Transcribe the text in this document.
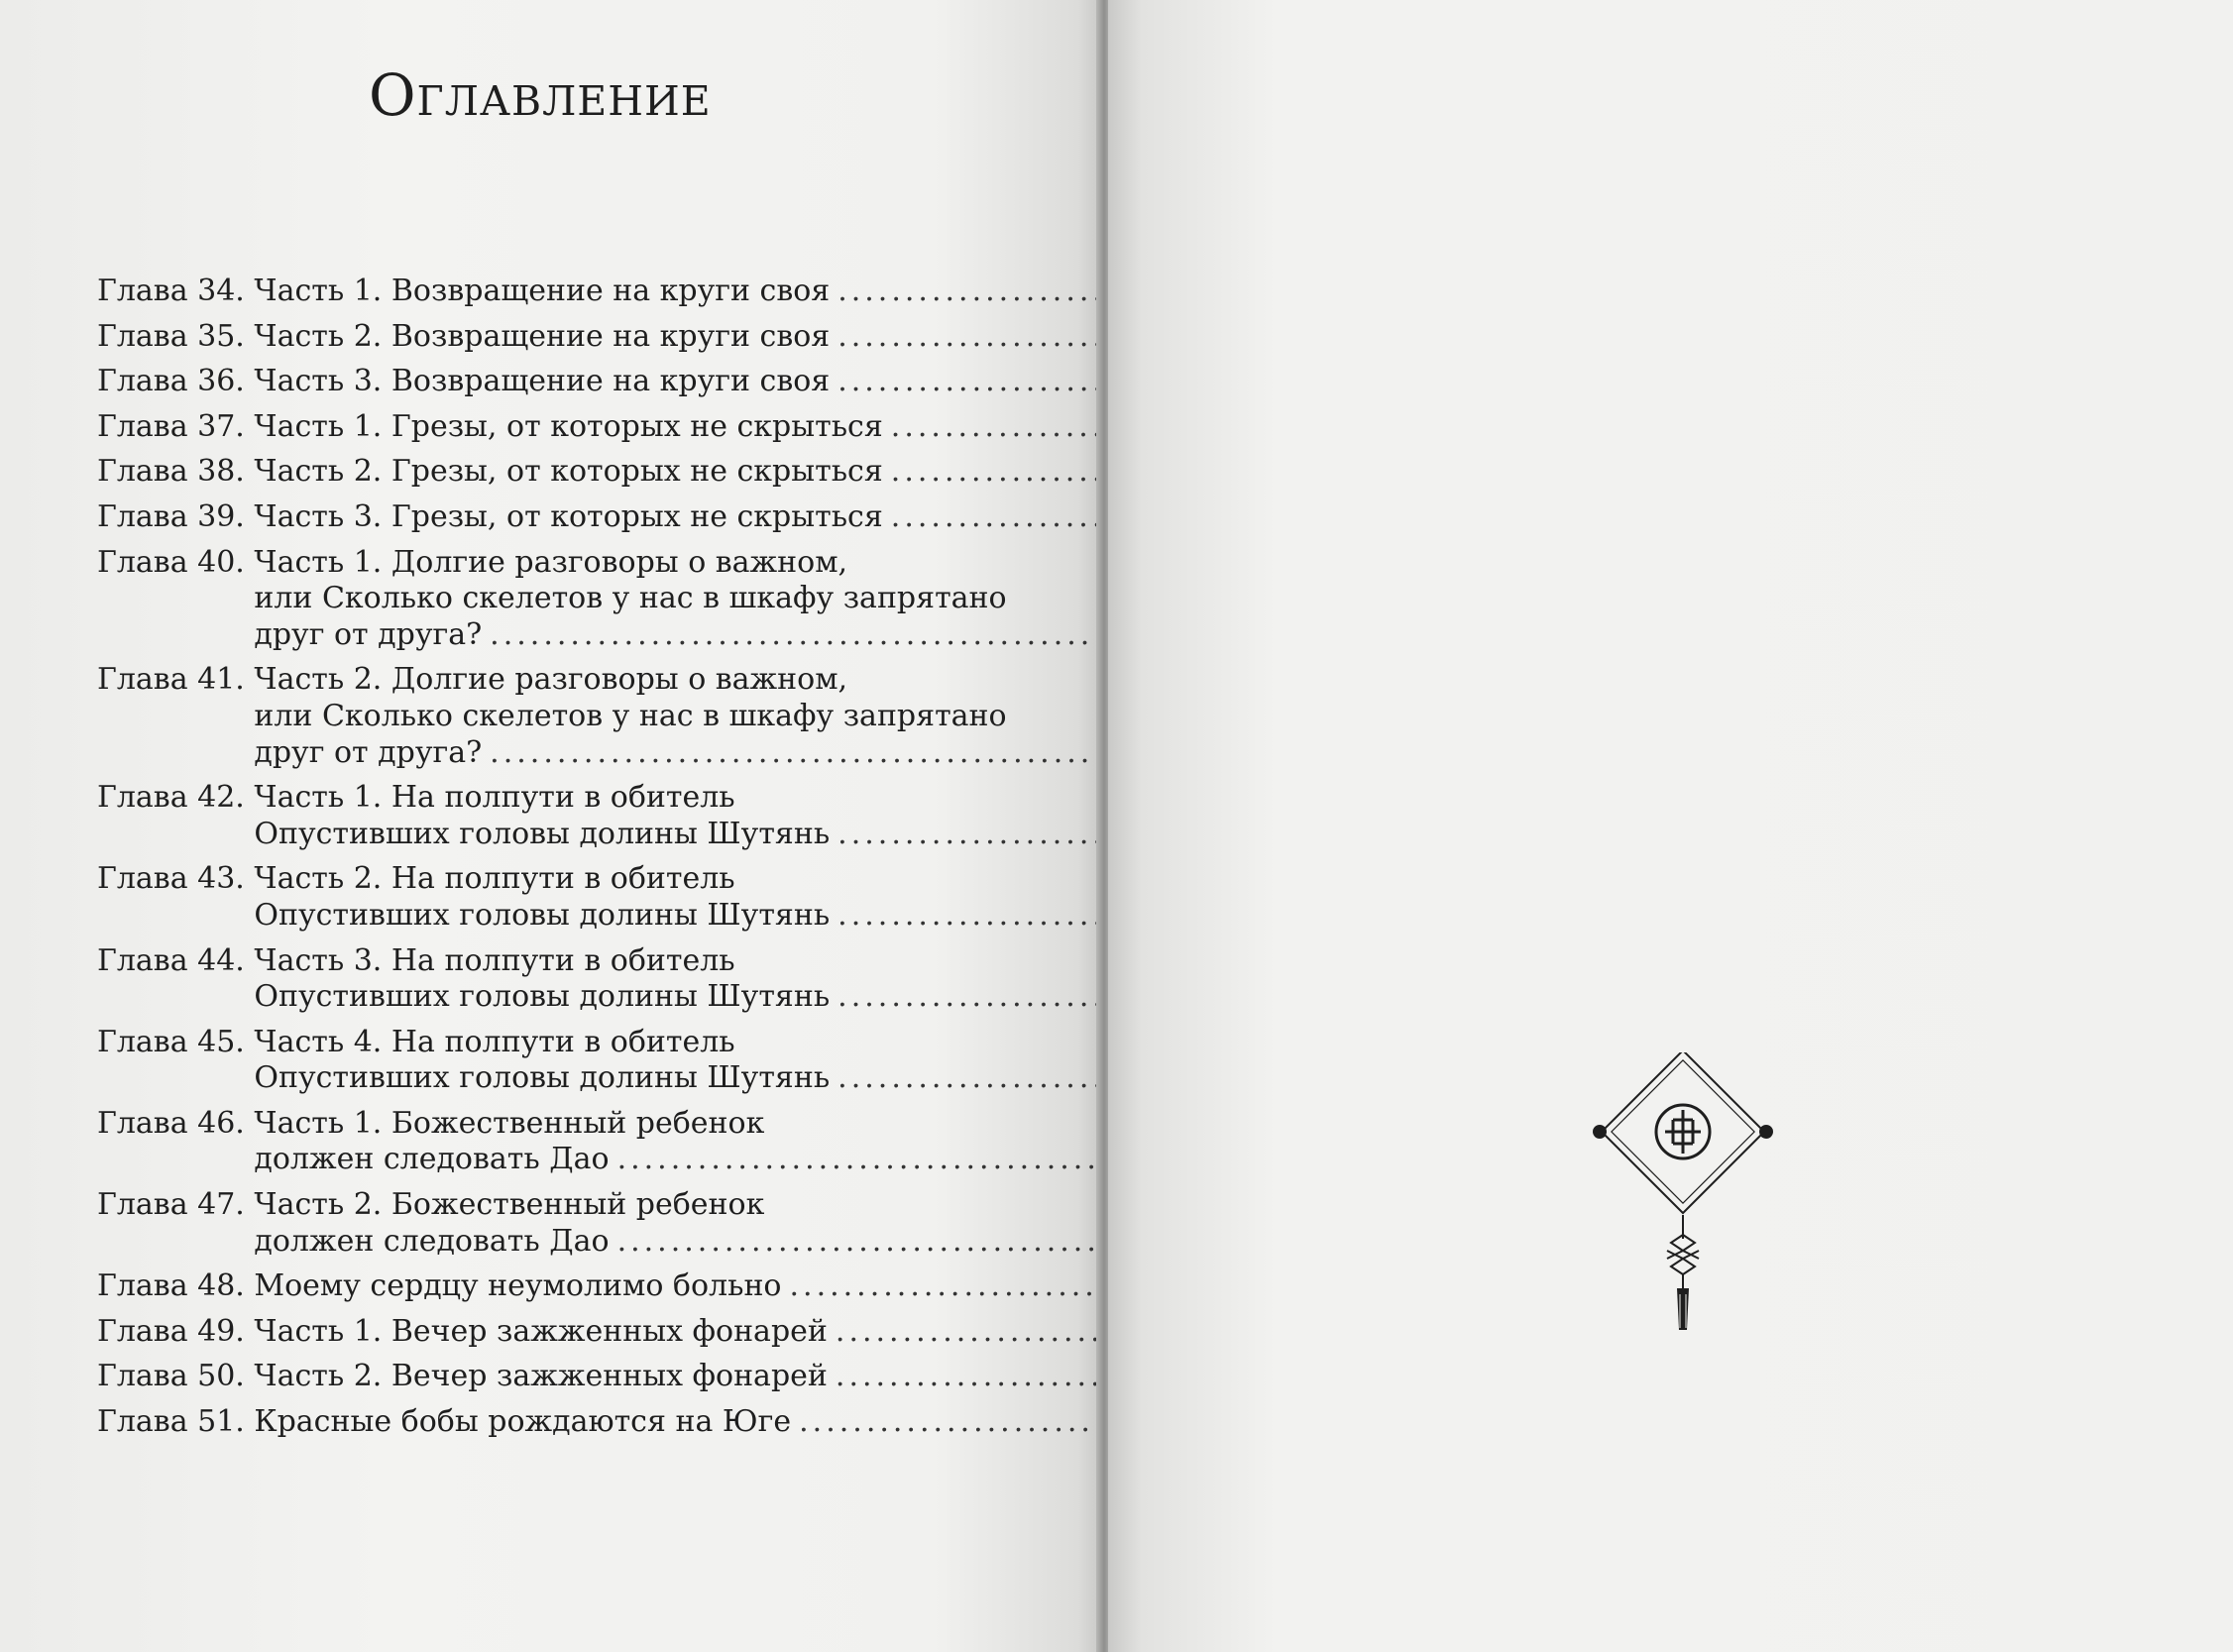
Оглавление
Глава 34.
Часть 1. Возвращение на круги своя
.....
Глава 35.
Часть 2. Возвращение на круги своя
.....
Глава 36.
Часть 3. Возвращение на круги своя
.....
Глава 37.
Часть 1. Грезы, от которых не скрыться
.....
Глава 38.
Часть 2. Грезы, от которых не скрыться
.....
Глава 39.
Часть 3. Грезы, от которых не скрыться
.....
Глава 40.
Часть 1. Долгие разговоры о важном,
или Сколько скелетов у нас в шкафу запрятано
друг от друга?
.....
Глава 41.
Часть 2. Долгие разговоры о важном,
или Сколько скелетов у нас в шкафу запрятано
друг от друга?
.....
Глава 42.
Часть 1. На полпути в обитель
Опустивших головы долины Шутянь
.....
Глава 43.
Часть 2. На полпути в обитель
Опустивших головы долины Шутянь
.....
Глава 44.
Часть 3. На полпути в обитель
Опустивших головы долины Шутянь
.....
Глава 45.
Часть 4. На полпути в обитель
Опустивших головы долины Шутянь
.....
Глава 46.
Часть 1. Божественный ребенок
должен следовать Дао
.....
Глава 47.
Часть 2. Божественный ребенок
должен следовать Дао
.....
Глава 48.
Моему сердцу неумолимо больно
.....
Глава 49.
Часть 1. Вечер зажженных фонарей
.....
Глава 50.
Часть 2. Вечер зажженных фонарей
.....
Глава 51.
Красные бобы рождаются на Юге
.....
